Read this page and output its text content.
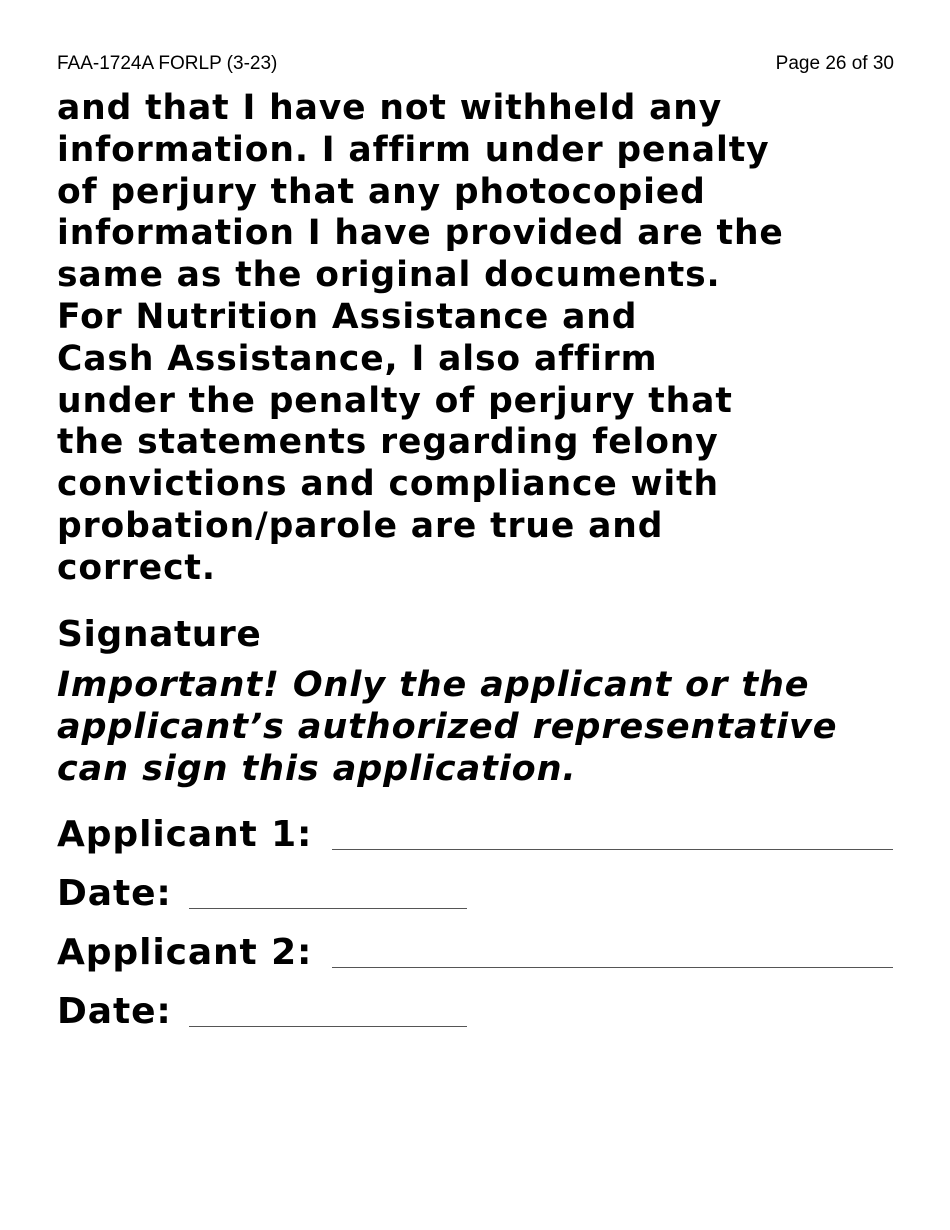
FAA-1724A FORLP (3-23)	Page 26 of 30

and that I have not withheld any
information. I affirm under penalty
of perjury that any photocopied
information I have provided are the
same as the original documents.
For Nutrition Assistance and
Cash Assistance, I also affirm
under the penalty of perjury that
the statements regarding felony
convictions and compliance with
probation/parole are true and
correct.

Signature

Important! Only the applicant or the
applicant’s authorized representative
can sign this application.

Applicant 1:
Date:
Applicant 2:
Date:
